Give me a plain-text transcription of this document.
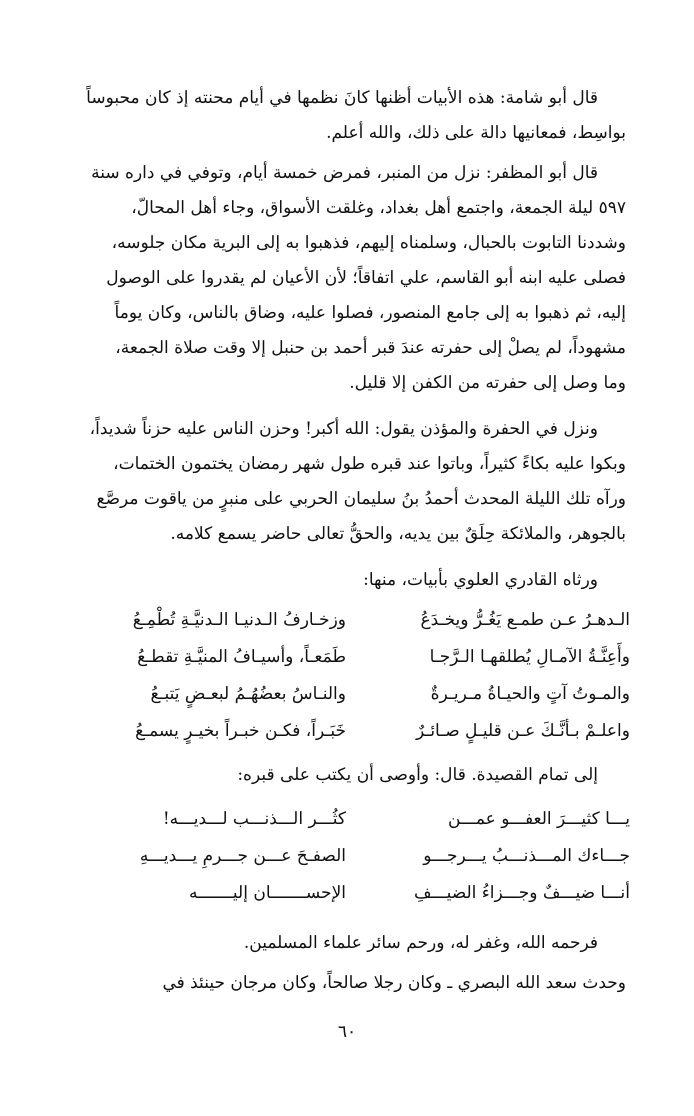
قال أبو شامة: هذه الأبيات أظنها كانَ نظمها في أيام محنته إذ كان محبوساً
بواسِط، فمعانيها دالة على ذلك، والله أعلم.
قال أبو المظفر: نزل من المنبر، فمرض خمسة أيام، وتوفي في داره سنة
٥٩٧ ليلة الجمعة، واجتمع أهل بغداد، وغلقت الأسواق، وجاء أهل المحالّ،
وشددنا التابوت بالحبال، وسلمناه إليهم، فذهبوا به إلى البرية مكان جلوسه،
فصلى عليه ابنه أبو القاسم، علي اتفاقاً؛ لأن الأعيان لم يقدروا على الوصول
إليه، ثم ذهبوا به إلى جامع المنصور، فصلوا عليه، وضاق بالناس، وكان يوماً
مشهوداً، لم يصلْ إلى حفرته عندَ قبر أحمد بن حنبل إلا وقت صلاة الجمعة،
وما وصل إلى حفرته من الكفن إلا قليل.
ونزل في الحفرة والمؤذن يقول: الله أكبر! وحزن الناس عليه حزناً شديداً،
وبكوا عليه بكاءً كثيراً، وباتوا عند قبره طول شهر رمضان يختمون الختمات،
ورآه تلك الليلة المحدث أحمدُ بنُ سليمان الحربي على منبرٍ من ياقوت مرصَّع
بالجوهر، والملائكة حِلَقٌ بين يديه، والحقُّ تعالى حاضر يسمع كلامه.
ورثاه القادري العلوي بأبيات، منها:
الـدهـرُ عـن طمـع يَغُـرُّ ويخـدَعُ
وزخـارفُ الـدنيـا الـدنيَّـةِ تُطْمِـعُ
وأَعِنَّـةُ الآمـالِ يُطلقهـا الـرَّجـا
طَمَعـاً، وأسيـافُ المنيَّـةِ تقطـعُ
والمـوتُ آتٍ والحيـاةُ مـريـرةٌ
والنـاسُ بعضُهُـمُ لبعـضٍ يَتبـعُ
واعلـمْ بـأنَّـكَ عـن قليـلٍ صـائـرٌ
خَبَـراً، فكـن خبـراً بخيـرٍ يسمـعُ
إلى تمام القصيدة. قال: وأوصى أن يكتب على قبره:
يـــا كثيـــرَ العفـــو عمـــن
كثُـــر الـــذنـــب لـــديـــه!
جـــاءك المـــذنـــبُ يـــرجـــو
الصفـحَ عـــن جـــرمِ يـــديـــهِ
أنـــا ضيـــفٌ وجـــزاءُ الضيـــفِ
الإحســـــــان إليـــــــه
فرحمه الله، وغفر له، ورحم سائر علماء المسلمين.
وحدث سعد الله البصري ـ وكان رجلا صالحاً، وكان مرجان حينئذ في
٦٠
